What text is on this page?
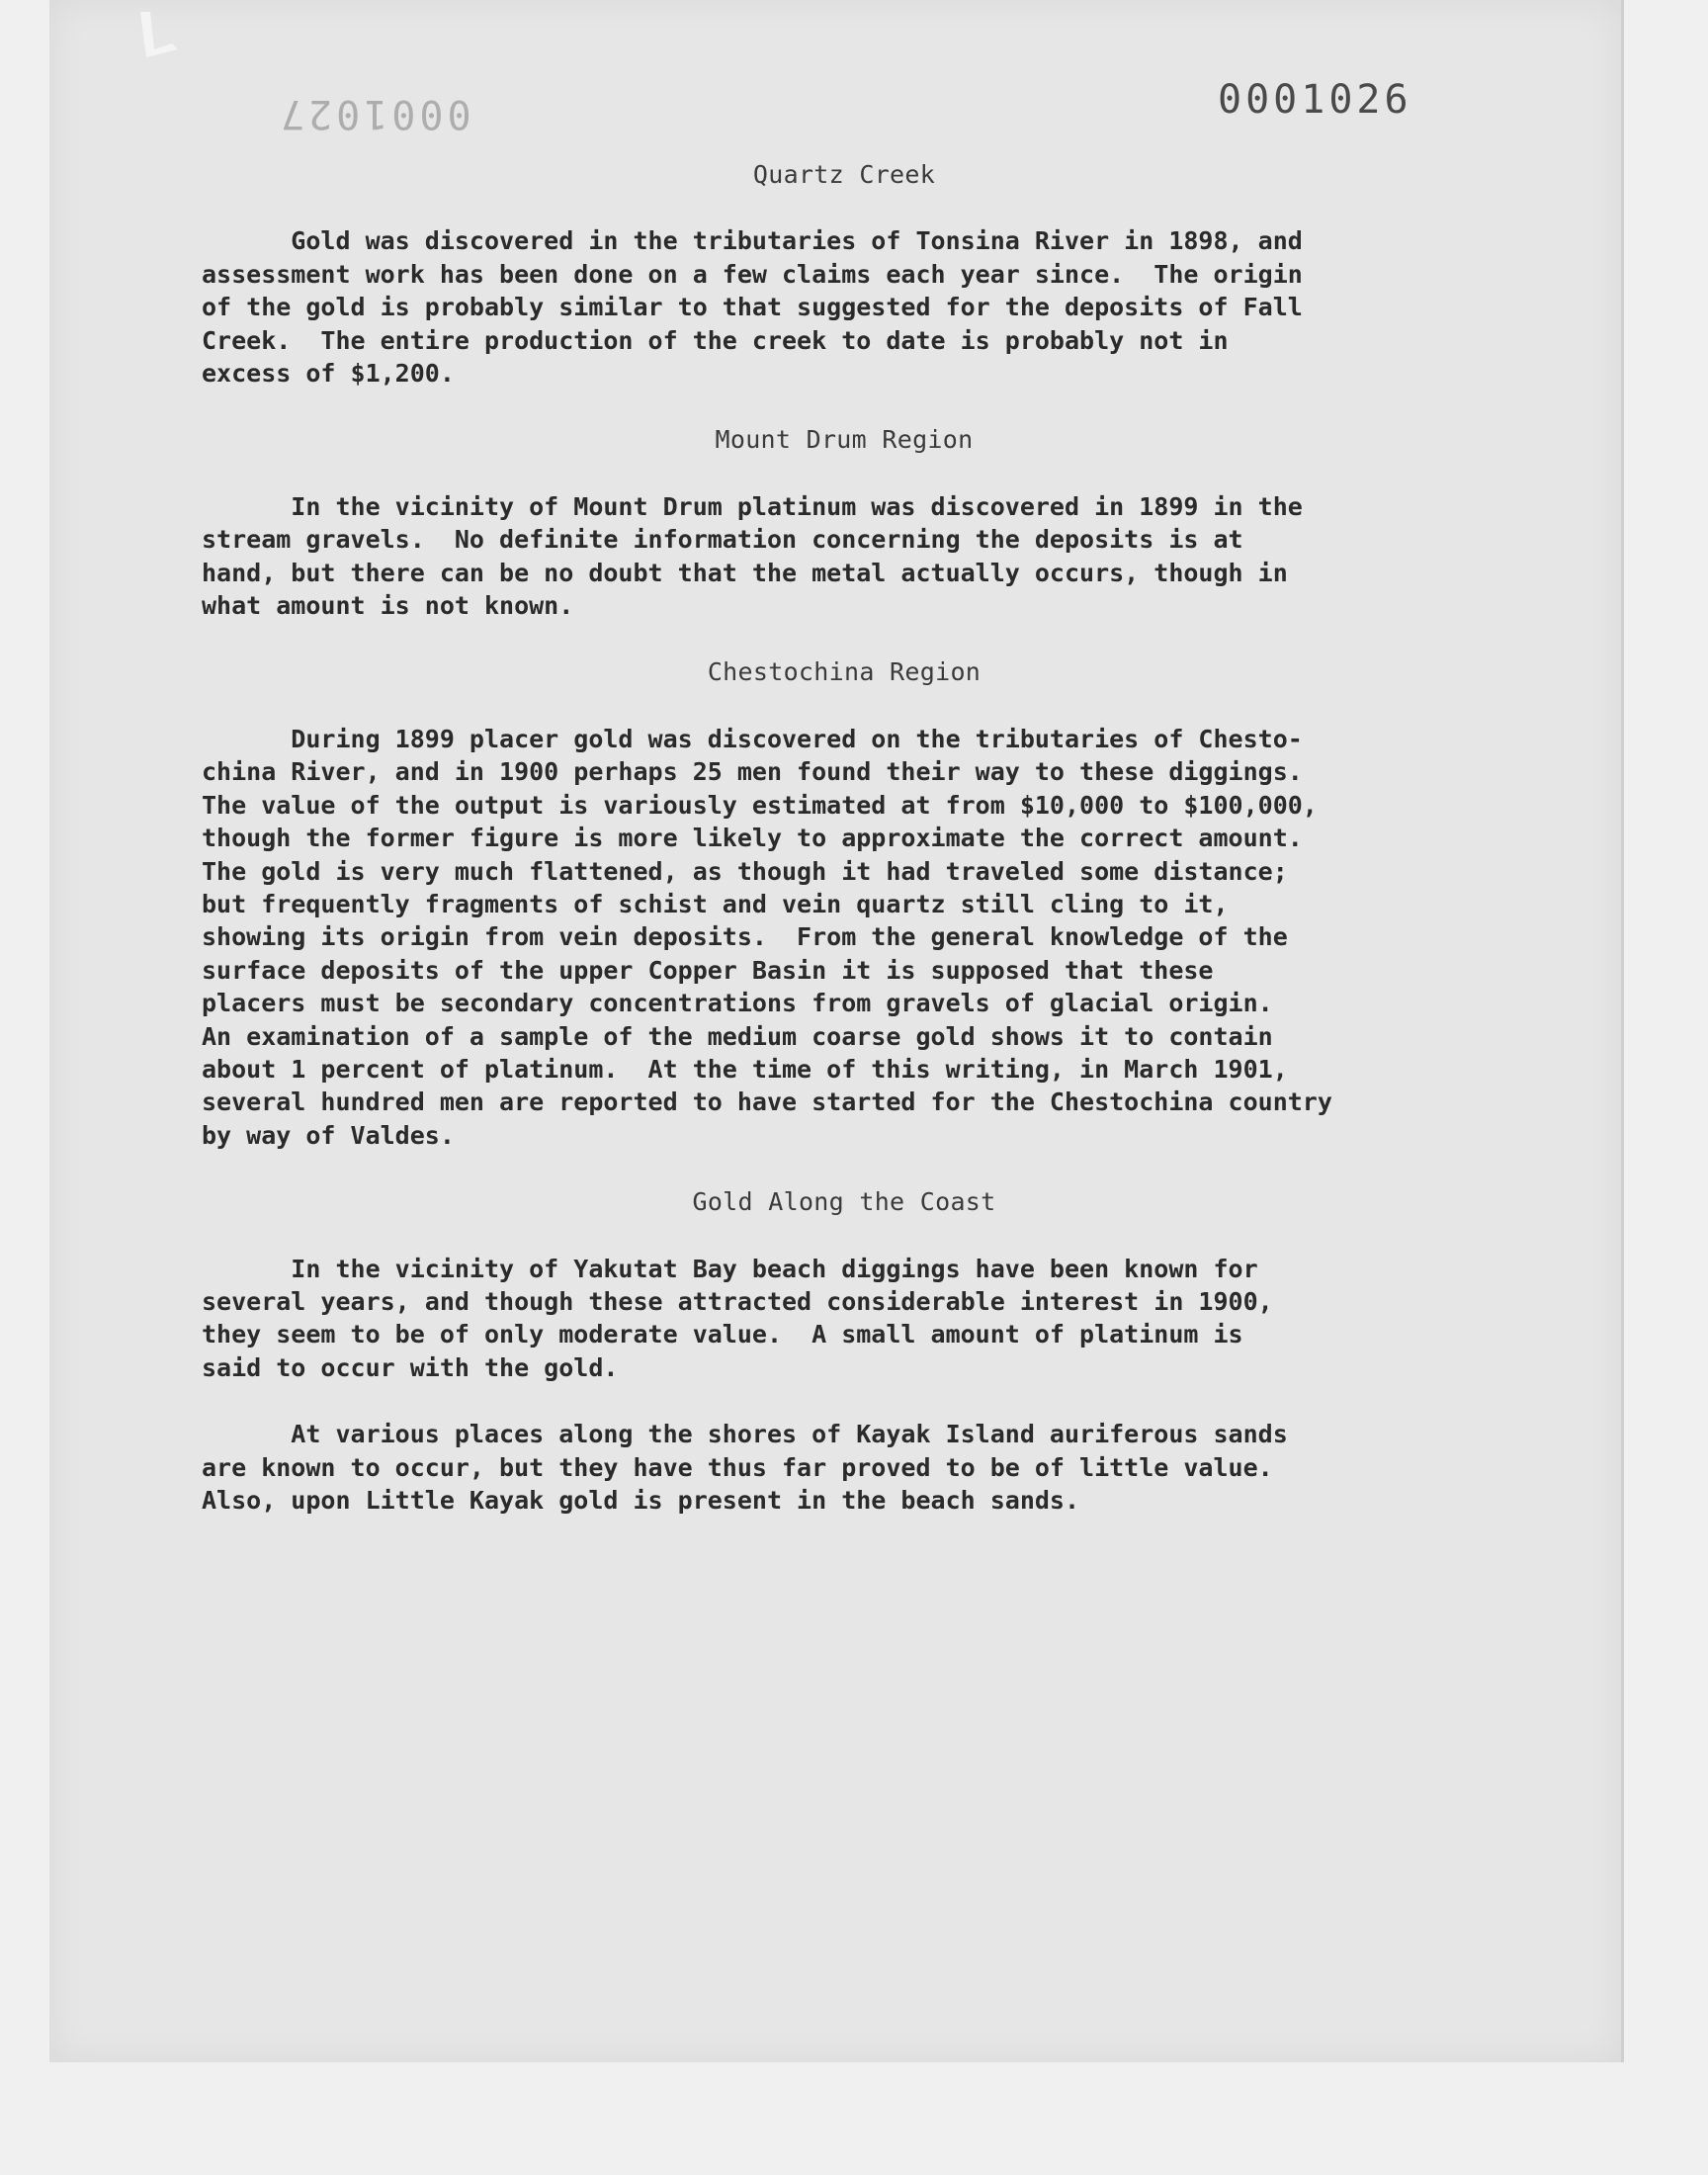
0001027	0001026
Quartz Creek

Gold was discovered in the tributaries of Tonsina River in 1898, and
assessment work has been done on a few claims each year since.  The origin
of the gold is probably similar to that suggested for the deposits of Fall
Creek.  The entire production of the creek to date is probably not in
excess of $1,200.

Mount Drum Region

In the vicinity of Mount Drum platinum was discovered in 1899 in the
stream gravels.  No definite information concerning the deposits is at
hand, but there can be no doubt that the metal actually occurs, though in
what amount is not known.

Chestochina Region

During 1899 placer gold was discovered on the tributaries of Chesto-
china River, and in 1900 perhaps 25 men found their way to these diggings.
The value of the output is variously estimated at from $10,000 to $100,000,
though the former figure is more likely to approximate the correct amount.
The gold is very much flattened, as though it had traveled some distance;
but frequently fragments of schist and vein quartz still cling to it,
showing its origin from vein deposits.  From the general knowledge of the
surface deposits of the upper Copper Basin it is supposed that these
placers must be secondary concentrations from gravels of glacial origin.
An examination of a sample of the medium coarse gold shows it to contain
about 1 percent of platinum.  At the time of this writing, in March 1901,
several hundred men are reported to have started for the Chestochina country
by way of Valdes.

Gold Along the Coast

In the vicinity of Yakutat Bay beach diggings have been known for
several years, and though these attracted considerable interest in 1900,
they seem to be of only moderate value.  A small amount of platinum is
said to occur with the gold.

At various places along the shores of Kayak Island auriferous sands
are known to occur, but they have thus far proved to be of little value.
Also, upon Little Kayak gold is present in the beach sands.
